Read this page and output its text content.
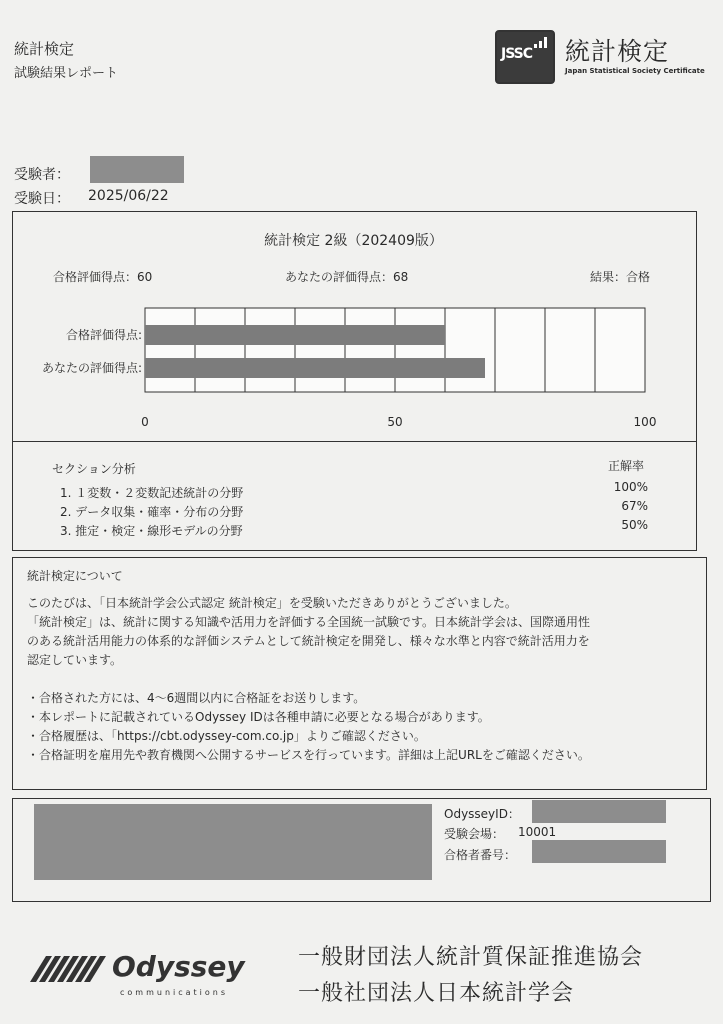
統計検定
試験結果レポート
JSSC 統計検定
Japan Statistical Society Certificate
受験者：
受験日： 2025/06/22
統計検定 2級（202409版）
合格評価得点：60	あなたの評価得点：68	結果：合格
合格評価得点:
あなたの評価得点:
0	50	100
セクション分析	正解率
1. １変数・２変数記述統計の分野	100%
2. データ収集・確率・分布の分野	67%
3. 推定・検定・線形モデルの分野	50%
統計検定について

このたびは、「日本統計学会公式認定 統計検定」を受験いただきありがとうございました。

「統計検定」は、統計に関する知識や活用力を評価する全国統一試験です。日本統計学会は、国際通用性

のある統計活用能力の体系的な評価システムとして統計検定を開発し、様々な水準と内容で統計活用力を

認定しています。

・合格された方には、4〜6週間以内に合格証をお送りします。

・本レポートに記載されているOdyssey IDは各種申請に必要となる場合があります。

・合格履歴は、「https://cbt.odyssey-com.co.jp」よりご確認ください。

・合格証明を雇用先や教育機関へ公開するサービスを行っています。詳細は上記URLをご確認ください。

OdysseyID：
受験会場： 10001
合格者番号：
Odyssey
communications
一般財団法人統計質保証推進協会
一般社団法人日本統計学会
